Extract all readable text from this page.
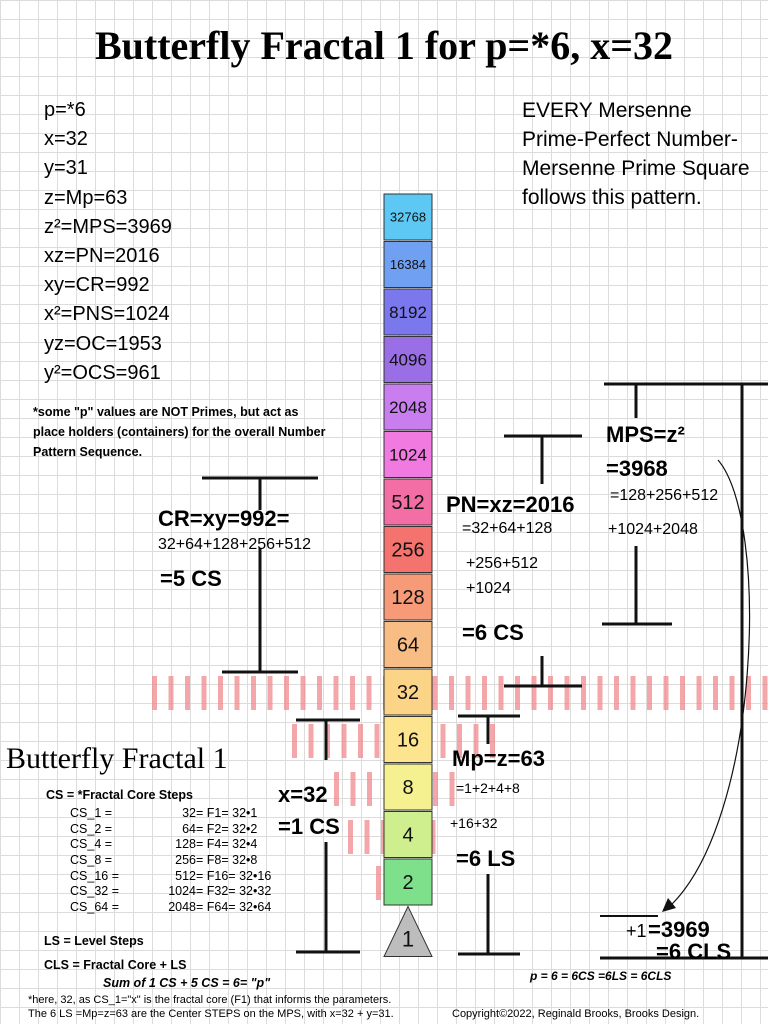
Butterfly Fractal 1 for p=*6, x=32
p=*6
x=32
y=31
z=Mp=63
z²=MPS=3969
xz=PN=2016
xy=CR=992
x²=PNS=1024
yz=OC=1953
y²=OCS=961
EVERY Mersenne Prime-Perfect Number-Mersenne Prime Square follows this pattern.
*some "p" values are NOT Primes, but act as place holders (containers) for the overall Number Pattern Sequence.
32768
16384
8192
4096
2048
1024
512
256
128
64
32
16
8
4
2
1
CR=xy=992=
32+64+128+256+512
=5 CS
PN=xz=2016
=32+64+128
+256+512
+1024
=6 CS
MPS=z²
=3968
=128+256+512
+1024+2048
x=32
=1 CS
Mp=z=63
=1+2+4+8
+16+32
=6 LS
+1 =3969
=6 CLS
Butterfly Fractal 1
CS = *Fractal Core Steps
CS_1 =	32 = F1= 32•1
CS_2 =	64 = F2= 32•2
CS_4 =	128 = F4= 32•4
CS_8 =	256 = F8= 32•8
CS_16 =	512 = F16= 32•16
CS_32 =	1024 = F32= 32•32
CS_64 =	2048 = F64= 32•64
LS = Level Steps
CLS = Fractal Core + LS
Sum of 1 CS + 5 CS = 6= "p"	p = 6 = 6CS =6LS = 6CLS
*here, 32, as CS_1="x" is the fractal core (F1) that informs the parameters.
The 6 LS =Mp=z=63 are the Center STEPS on the MPS, with x=32 + y=31.	Copyright©2022, Reginald Brooks, Brooks Design.
